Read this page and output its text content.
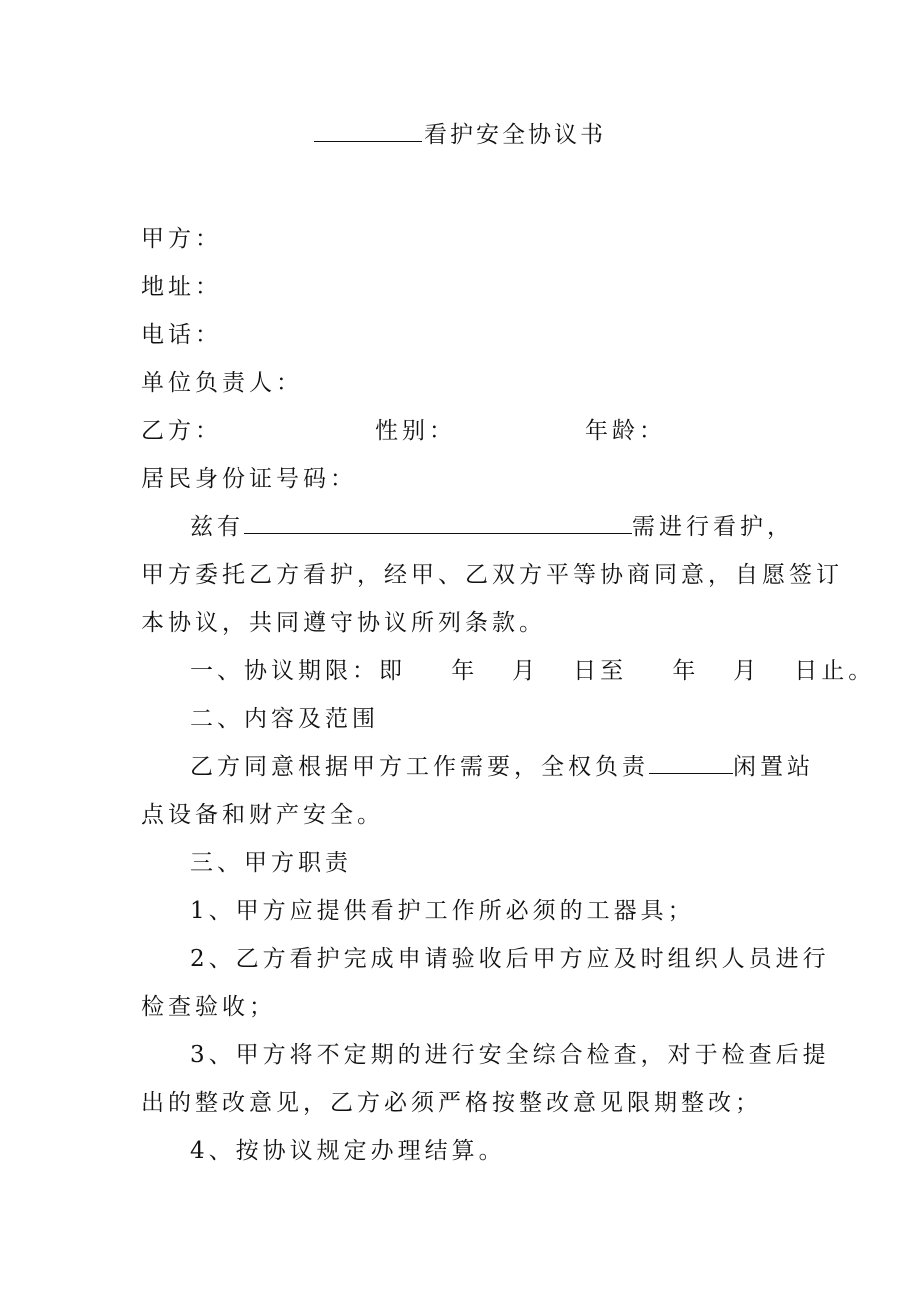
看护安全协议书
甲方：
地址：
电话：
单位负责人：
乙方：	性别：	年龄：
居民身份证号码：
兹有	需进行看护，
甲方委托乙方看护，经甲、乙双方平等协商同意，自愿签订
本协议，共同遵守协议所列条款。
一、协议期限：即    年   月   日至    年   月   日止。
二、内容及范围
乙方同意根据甲方工作需要，全权负责	闲置站
点设备和财产安全。
三、甲方职责
1、甲方应提供看护工作所必须的工器具；
2、乙方看护完成申请验收后甲方应及时组织人员进行
检查验收；
3、甲方将不定期的进行安全综合检查，对于检查后提
出的整改意见，乙方必须严格按整改意见限期整改；
4、按协议规定办理结算。
